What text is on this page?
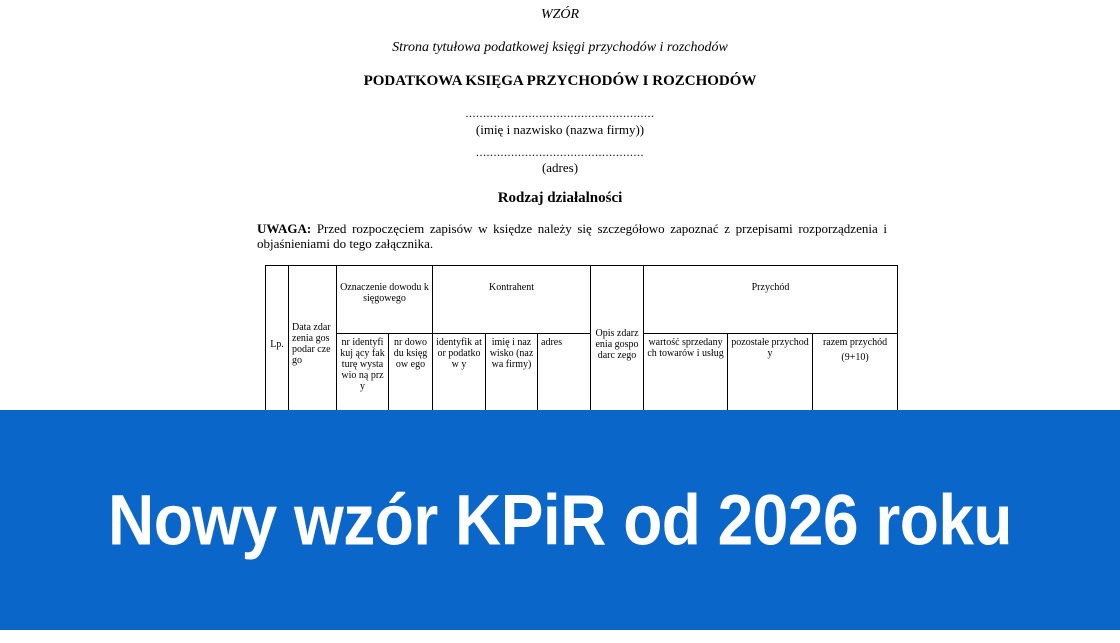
WZÓR
Strona tytułowa podatkowej księgi przychodów i rozchodów
PODATKOWA KSIĘGA PRZYCHODÓW I ROZCHODÓW
......................................................
(imię i nazwisko (nazwa firmy))
................................................
(adres)
Rodzaj działalności
UWAGA: Przed rozpoczęciem zapisów w księdze należy się szczegółowo zapoznać z przepisami rozporządzenia i objaśnieniami do tego załącznika.
Lp.	Data zdarzenia gospodar czego	Oznaczenie dowodu księgowego		Kontrahent			Opis zdarzenia gospodarc zego	Przychód		
		nr identyfikuj ący fakturę wystawio ną przy	nr dowodu księgow ego	identyfik ator podatkow y	imię i nazwisko (nazwa firmy)	adres		wartość sprzedanych towarów i usług	pozostałe przychody	razem przychód
(9+10)
Nowy wzór KPiR od 2026 roku
